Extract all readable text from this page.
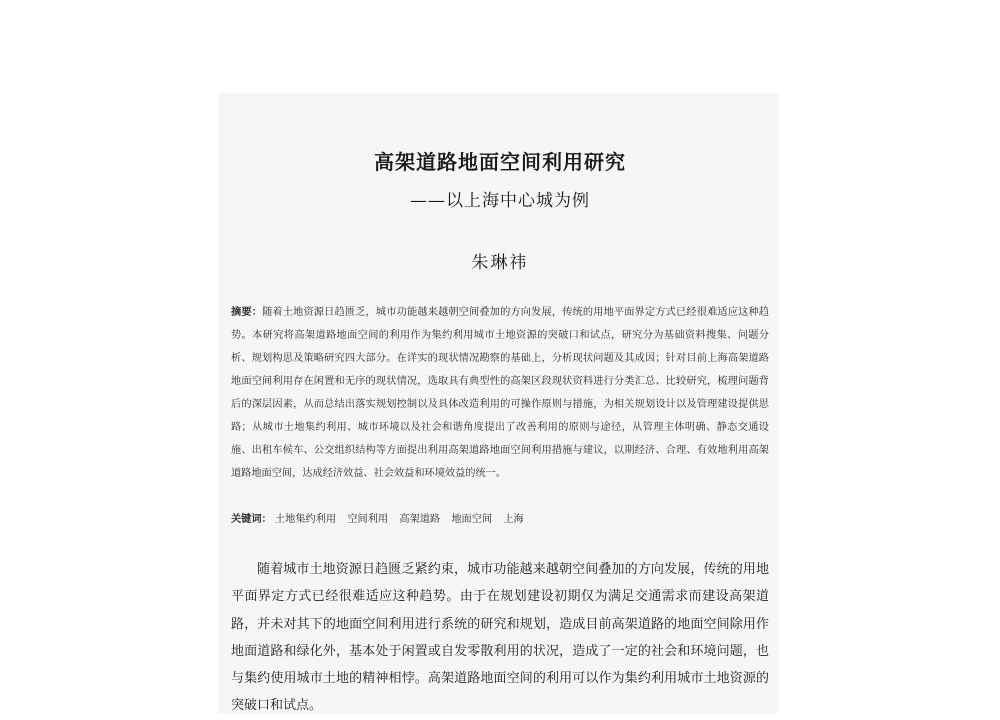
高架道路地面空间利用研究
——以上海中心城为例
朱琳祎
摘要：随着土地资源日趋匮乏，城市功能越来越朝空间叠加的方向发展，传统的用地平面界定方式已经很难适应这种趋势。本研究将高架道路地面空间的利用作为集约利用城市土地资源的突破口和试点，研究分为基础资料搜集、问题分析、规划构思及策略研究四大部分。在详实的现状情况勘察的基础上，分析现状问题及其成因；针对目前上海高架道路地面空间利用存在闲置和无序的现状情况，选取具有典型性的高架区段现状资料进行分类汇总、比较研究，梳理问题背后的深层因素，从而总结出落实规划控制以及具体改造利用的可操作原则与措施，为相关规划设计以及管理建设提供思路；从城市土地集约利用、城市环境以及社会和谐角度提出了改善利用的原则与途径，从管理主体明确、静态交通设施、出租车候车、公交组织结构等方面提出利用高架道路地面空间利用措施与建议，以期经济、合理、有效地利用高架道路地面空间，达成经济效益、社会效益和环境效益的统一。
关键词： 土地集约利用 空间利用 高架道路 地面空间 上海
随着城市土地资源日趋匮乏紧约束，城市功能越来越朝空间叠加的方向发展，传统的用地平面界定方式已经很难适应这种趋势。由于在规划建设初期仅为满足交通需求而建设高架道路，并未对其下的地面空间利用进行系统的研究和规划，造成目前高架道路的地面空间除用作地面道路和绿化外，基本处于闲置或自发零散利用的状况，造成了一定的社会和环境问题，也与集约使用城市土地的精神相悖。高架道路地面空间的利用可以作为集约利用城市土地资源的突破口和试点。
